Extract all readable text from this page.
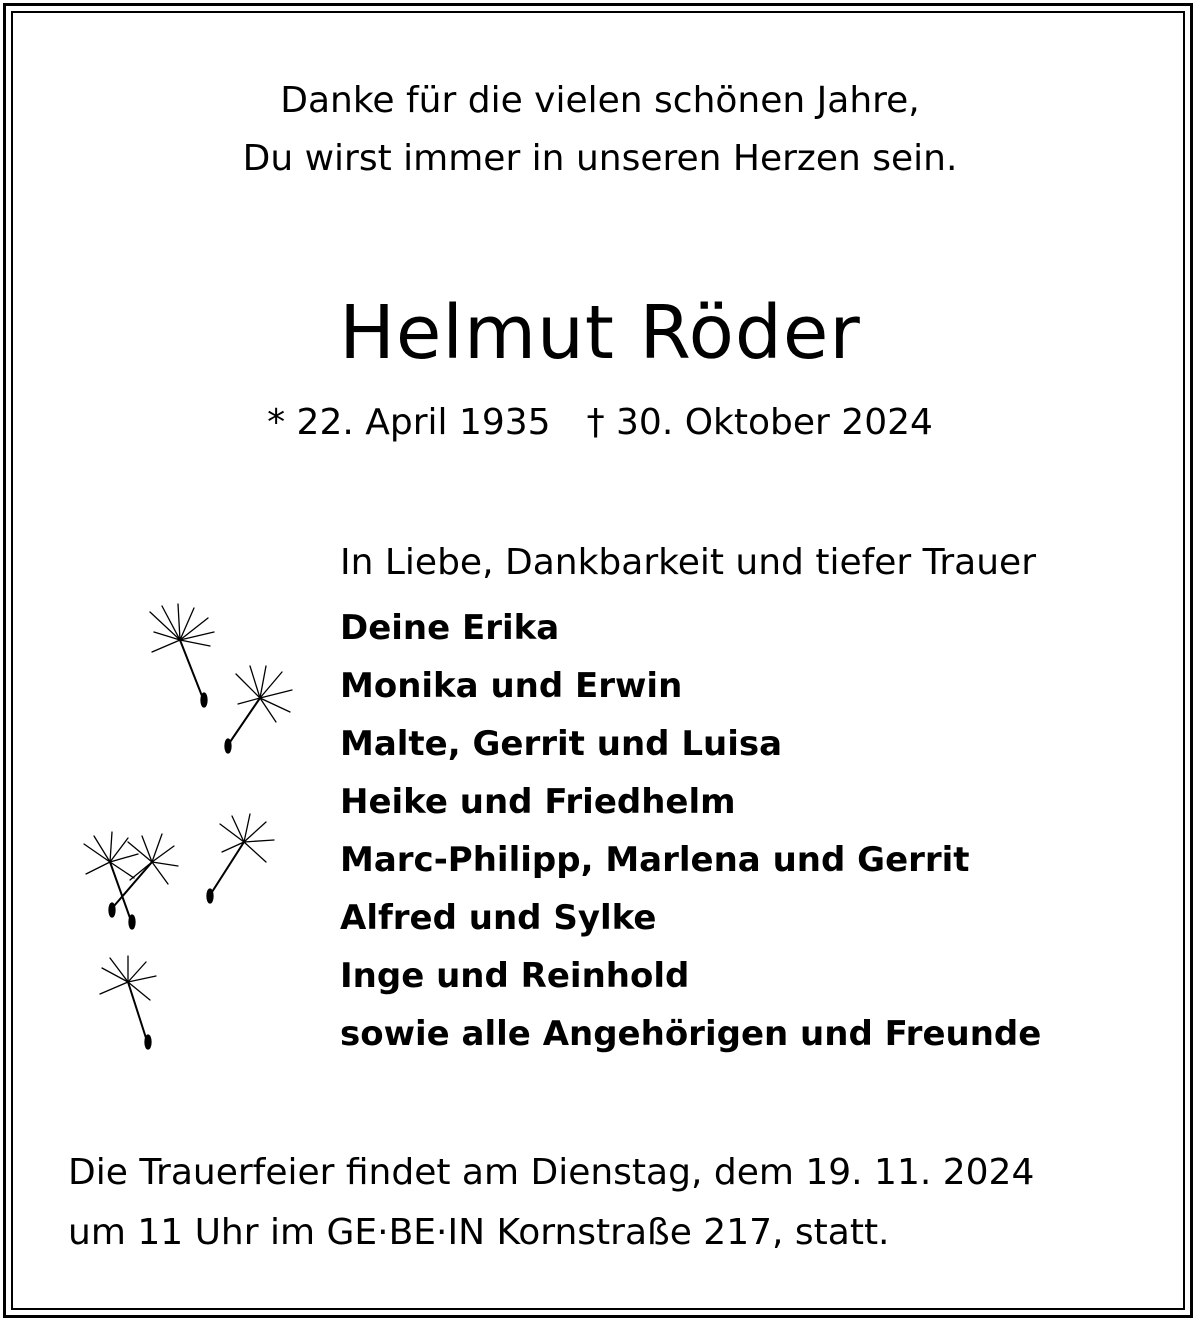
Danke für die vielen schönen Jahre,
Du wirst immer in unseren Herzen sein.
Helmut Röder
* 22. April 1935 † 30. Oktober 2024
In Liebe, Dankbarkeit und tiefer Trauer
Deine Erika
Monika und Erwin
Malte, Gerrit und Luisa
Heike und Friedhelm
Marc-Philipp, Marlena und Gerrit
Alfred und Sylke
Inge und Reinhold
sowie alle Angehörigen und Freunde
Die Trauerfeier findet am Dienstag, dem 19. 11. 2024
um 11 Uhr im GE·BE·IN Kornstraße 217, statt.
